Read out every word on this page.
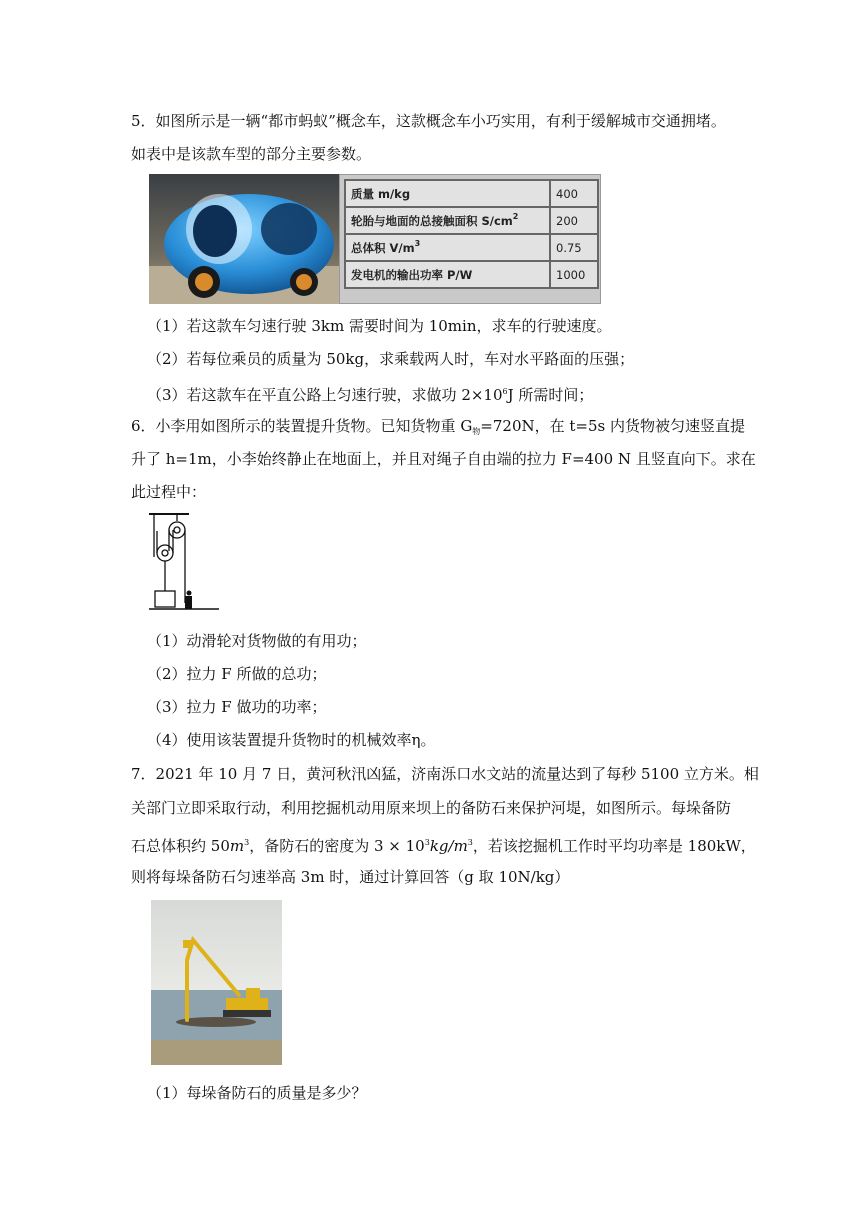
5．如图所示是一辆“都市蚂蚁”概念车，这款概念车小巧实用，有利于缓解城市交通拥堵。
如表中是该款车型的部分主要参数。
质量 m/kg	400
轮胎与地面的总接触面积 $S/cm^2$	200
总体积 $V/m^3$	0.75
发电机的输出功率 P/W	1000
（1）若这款车匀速行驶 3km 需要时间为 10min，求车的行驶速度。
（2）若每位乘员的质量为 50kg，求乘载两人时，车对水平路面的压强；
（3）若这款车在平直公路上匀速行驶，求做功 $2\times 10^6J$ 所需时间；
6．小李用如图所示的装置提升货物。已知货物重 $G_物=720N$，在 t=5s 内货物被匀速竖直提
升了 h=1m，小李始终静止在地面上，并且对绳子自由端的拉力 F=400 N 且竖直向下。求在
此过程中：
（1）动滑轮对货物做的有用功；
（2）拉力 F 所做的总功；
（3）拉力 F 做功的功率；
（4）使用该装置提升货物时的机械效率η。
7．2021 年 10 月 7 日，黄河秋汛凶猛，济南泺口水文站的流量达到了每秒 5100 立方米。相
关部门立即采取行动，利用挖掘机动用原来坝上的备防石来保护河堤，如图所示。每垛备防
石总体积约 $50m^3$，备防石的密度为 $3 \times 10^3kg/m^3$，若该挖掘机工作时平均功率是 180kW，
则将每垛备防石匀速举高 3m 时，通过计算回答（g 取 10N/kg）
（1）每垛备防石的质量是多少？
